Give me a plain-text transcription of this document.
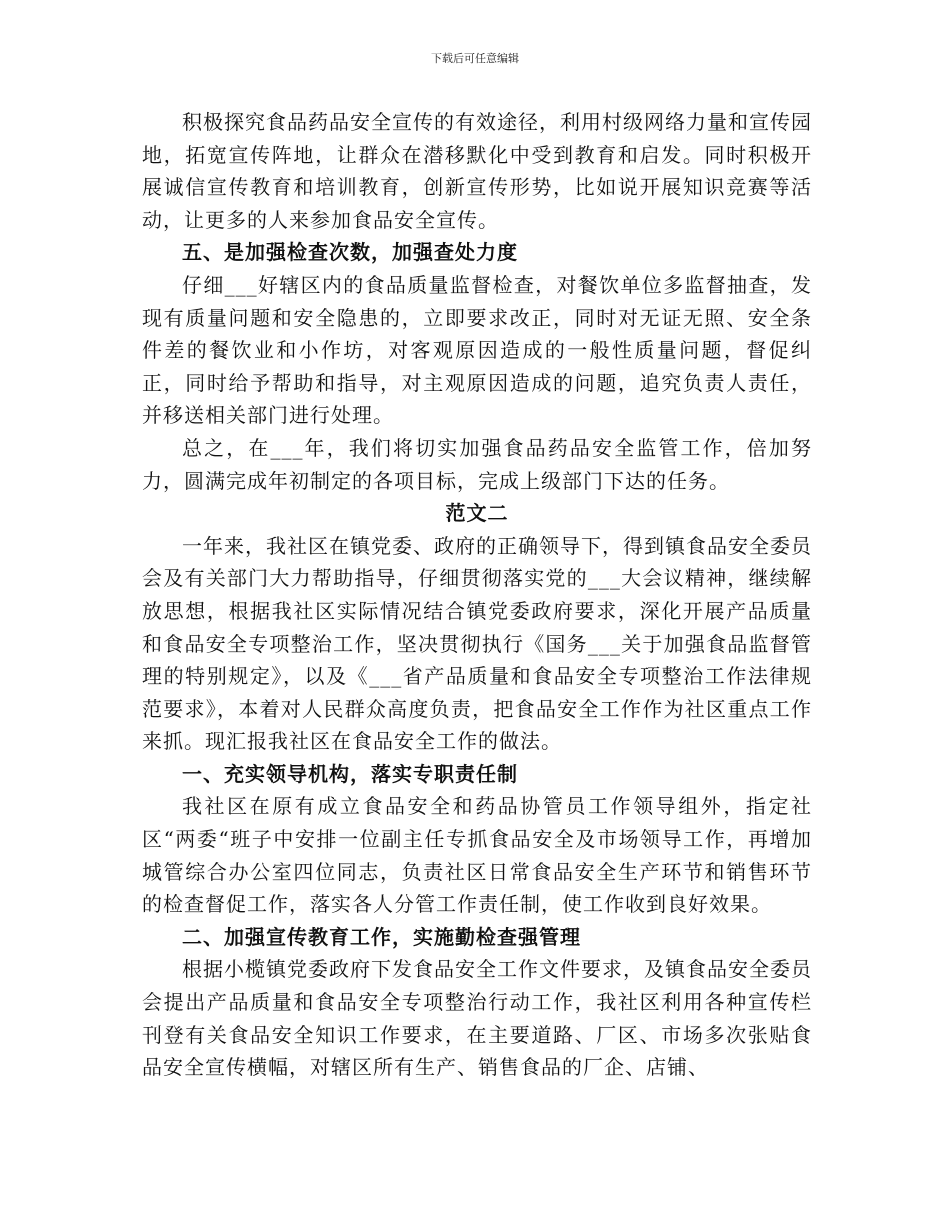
下载后可任意编辑

积极探究食品药品安全宣传的有效途径，利用村级网络力量和宣传园地，拓宽宣传阵地，让群众在潜移默化中受到教育和启发。同时积极开展诚信宣传教育和培训教育，创新宣传形势，比如说开展知识竞赛等活动，让更多的人来参加食品安全宣传。

五、是加强检查次数，加强查处力度

仔细___好辖区内的食品质量监督检查，对餐饮单位多监督抽查，发现有质量问题和安全隐患的，立即要求改正，同时对无证无照、安全条件差的餐饮业和小作坊，对客观原因造成的一般性质量问题，督促纠正，同时给予帮助和指导，对主观原因造成的问题，追究负责人责任，并移送相关部门进行处理。

总之，在___年，我们将切实加强食品药品安全监管工作，倍加努力，圆满完成年初制定的各项目标，完成上级部门下达的任务。

范文二

一年来，我社区在镇党委、政府的正确领导下，得到镇食品安全委员会及有关部门大力帮助指导，仔细贯彻落实党的___大会议精神，继续解放思想，根据我社区实际情况结合镇党委政府要求，深化开展产品质量和食品安全专项整治工作，坚决贯彻执行《国务___关于加强食品监督管理的特别规定》，以及《___省产品质量和食品安全专项整治工作法律规范要求》，本着对人民群众高度负责，把食品安全工作作为社区重点工作来抓。现汇报我社区在食品安全工作的做法。

一、充实领导机构，落实专职责任制

我社区在原有成立食品安全和药品协管员工作领导组外，指定社区“两委“班子中安排一位副主任专抓食品安全及市场领导工作，再增加城管综合办公室四位同志，负责社区日常食品安全生产环节和销售环节的检查督促工作，落实各人分管工作责任制，使工作收到良好效果。

二、加强宣传教育工作，实施勤检查强管理

根据小榄镇党委政府下发食品安全工作文件要求，及镇食品安全委员会提出产品质量和食品安全专项整治行动工作，我社区利用各种宣传栏刊登有关食品安全知识工作要求，在主要道路、厂区、市场多次张贴食品安全宣传横幅，对辖区所有生产、销售食品的厂企、店铺、
